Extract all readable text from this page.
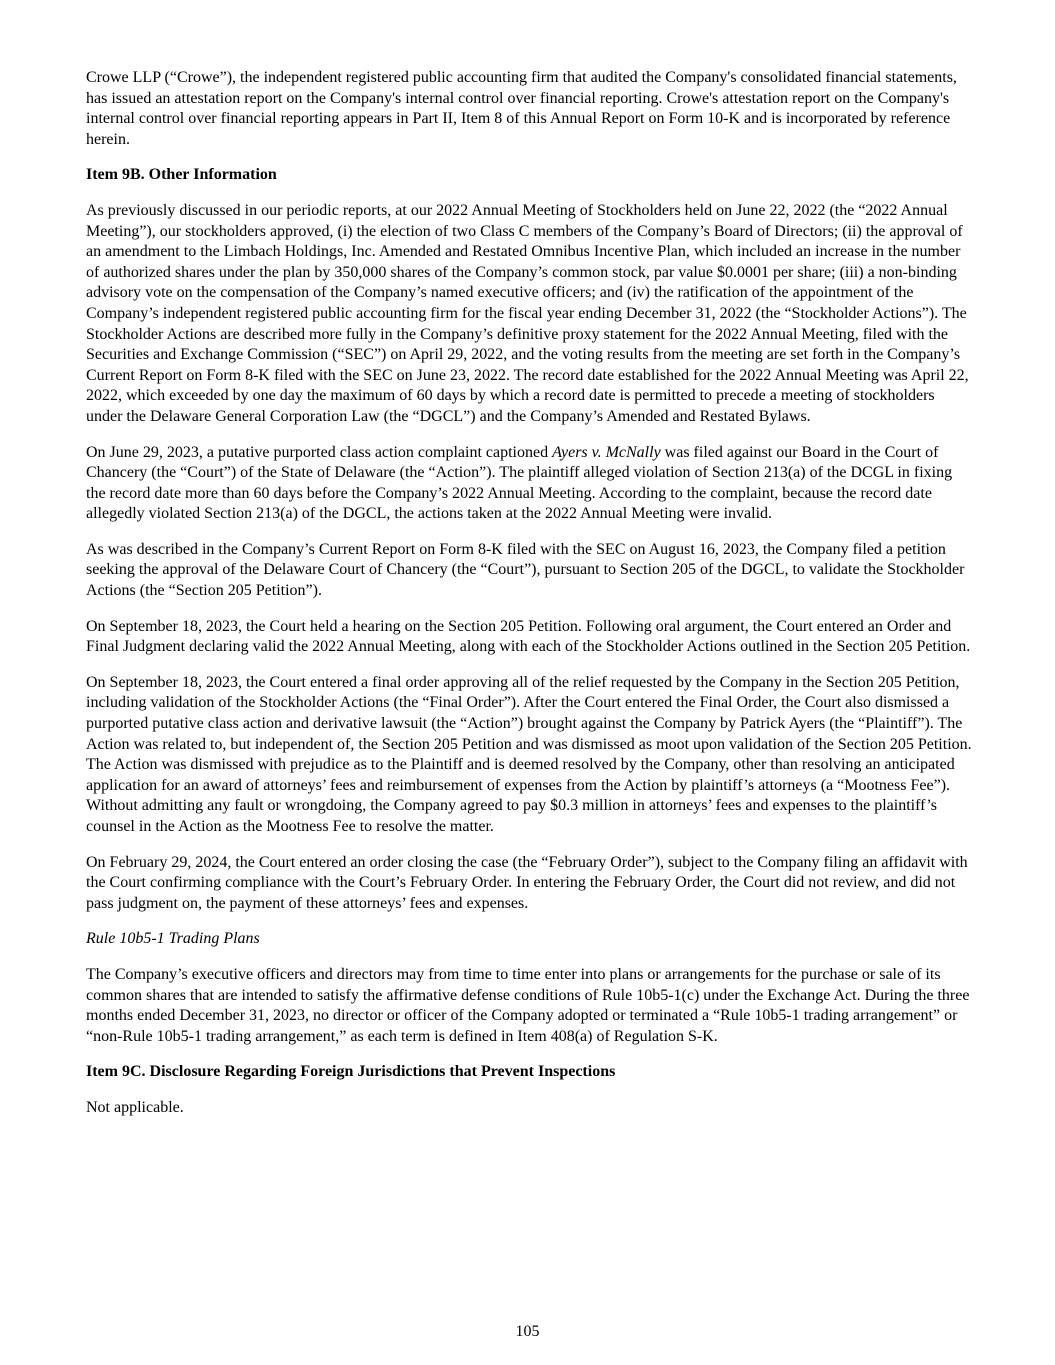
Crowe LLP (“Crowe”), the independent registered public accounting firm that audited the Company's consolidated financial statements, has issued an attestation report on the Company's internal control over financial reporting. Crowe's attestation report on the Company's internal control over financial reporting appears in Part II, Item 8 of this Annual Report on Form 10-K and is incorporated by reference herein.

Item 9B. Other Information

As previously discussed in our periodic reports, at our 2022 Annual Meeting of Stockholders held on June 22, 2022 (the “2022 Annual Meeting”), our stockholders approved, (i) the election of two Class C members of the Company’s Board of Directors; (ii) the approval of an amendment to the Limbach Holdings, Inc. Amended and Restated Omnibus Incentive Plan, which included an increase in the number of authorized shares under the plan by 350,000 shares of the Company’s common stock, par value $0.0001 per share; (iii) a non-binding advisory vote on the compensation of the Company’s named executive officers; and (iv) the ratification of the appointment of the Company’s independent registered public accounting firm for the fiscal year ending December 31, 2022 (the “Stockholder Actions”). The Stockholder Actions are described more fully in the Company’s definitive proxy statement for the 2022 Annual Meeting, filed with the Securities and Exchange Commission (“SEC”) on April 29, 2022, and the voting results from the meeting are set forth in the Company’s Current Report on Form 8-K filed with the SEC on June 23, 2022. The record date established for the 2022 Annual Meeting was April 22, 2022, which exceeded by one day the maximum of 60 days by which a record date is permitted to precede a meeting of stockholders under the Delaware General Corporation Law (the “DGCL”) and the Company’s Amended and Restated Bylaws.

On June 29, 2023, a putative purported class action complaint captioned Ayers v. McNally was filed against our Board in the Court of Chancery (the “Court”) of the State of Delaware (the “Action”). The plaintiff alleged violation of Section 213(a) of the DCGL in fixing the record date more than 60 days before the Company’s 2022 Annual Meeting. According to the complaint, because the record date allegedly violated Section 213(a) of the DGCL, the actions taken at the 2022 Annual Meeting were invalid.

As was described in the Company’s Current Report on Form 8-K filed with the SEC on August 16, 2023, the Company filed a petition seeking the approval of the Delaware Court of Chancery (the “Court”), pursuant to Section 205 of the DGCL, to validate the Stockholder Actions (the “Section 205 Petition”).

On September 18, 2023, the Court held a hearing on the Section 205 Petition. Following oral argument, the Court entered an Order and Final Judgment declaring valid the 2022 Annual Meeting, along with each of the Stockholder Actions outlined in the Section 205 Petition.

On September 18, 2023, the Court entered a final order approving all of the relief requested by the Company in the Section 205 Petition, including validation of the Stockholder Actions (the “Final Order”). After the Court entered the Final Order, the Court also dismissed a purported putative class action and derivative lawsuit (the “Action”) brought against the Company by Patrick Ayers (the “Plaintiff”). The Action was related to, but independent of, the Section 205 Petition and was dismissed as moot upon validation of the Section 205 Petition. The Action was dismissed with prejudice as to the Plaintiff and is deemed resolved by the Company, other than resolving an anticipated application for an award of attorneys’ fees and reimbursement of expenses from the Action by plaintiff’s attorneys (a “Mootness Fee”). Without admitting any fault or wrongdoing, the Company agreed to pay $0.3 million in attorneys’ fees and expenses to the plaintiff’s counsel in the Action as the Mootness Fee to resolve the matter.

On February 29, 2024, the Court entered an order closing the case (the “February Order”), subject to the Company filing an affidavit with the Court confirming compliance with the Court’s February Order. In entering the February Order, the Court did not review, and did not pass judgment on, the payment of these attorneys’ fees and expenses.

Rule 10b5-1 Trading Plans

The Company’s executive officers and directors may from time to time enter into plans or arrangements for the purchase or sale of its common shares that are intended to satisfy the affirmative defense conditions of Rule 10b5-1(c) under the Exchange Act. During the three months ended December 31, 2023, no director or officer of the Company adopted or terminated a “Rule 10b5-1 trading arrangement” or “non-Rule 10b5-1 trading arrangement,” as each term is defined in Item 408(a) of Regulation S-K.

Item 9C. Disclosure Regarding Foreign Jurisdictions that Prevent Inspections

Not applicable.

105
